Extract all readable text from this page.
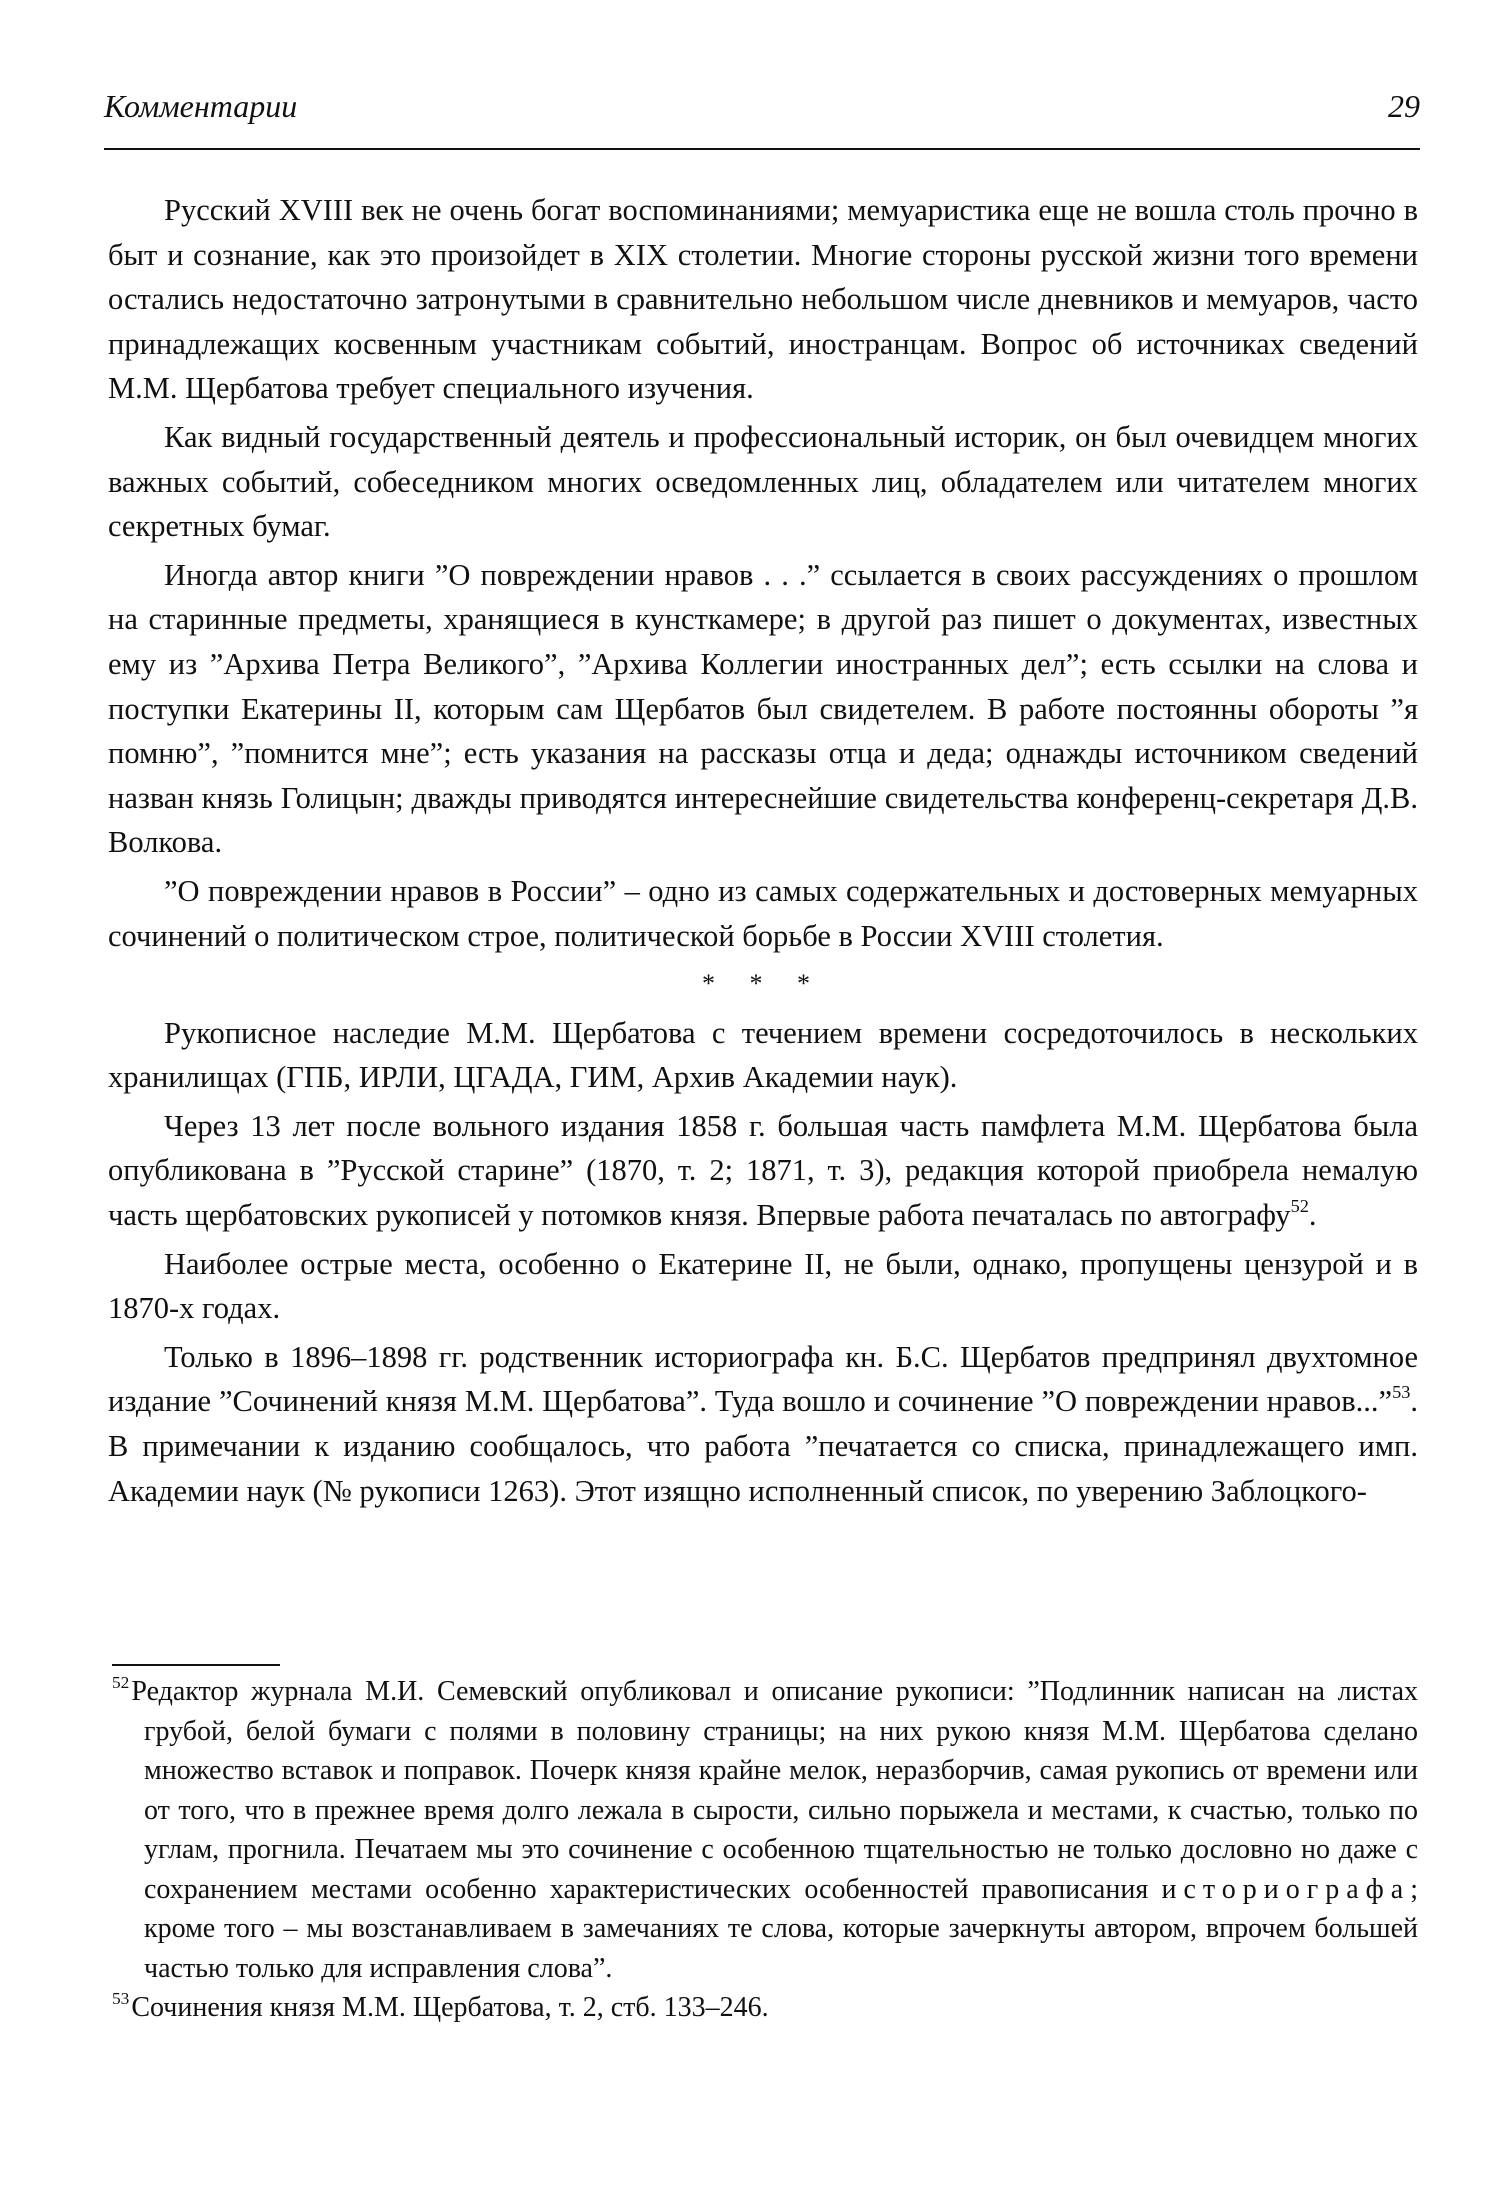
Комментарии	29

Русский XVIII век не очень богат воспоминаниями; мемуаристика еще не вошла столь прочно в быт и сознание, как это произойдет в XIX столетии. Многие стороны русской жизни того времени остались недостаточно затронутыми в сравнительно небольшом числе дневников и мемуаров, часто принадлежащих косвенным участникам событий, иностранцам. Вопрос об источниках сведений М.М. Щербатова требует специального изучения.

Как видный государственный деятель и профессиональный историк, он был очевидцем многих важных событий, собеседником многих осведомленных лиц, обладателем или читателем многих секретных бумаг.

Иногда автор книги ”О повреждении нравов . . .” ссылается в своих рассуждениях о прошлом на старинные предметы, хранящиеся в кунсткамере; в другой раз пишет о документах, известных ему из ”Архива Петра Великого”, ”Архива Коллегии иностранных дел”; есть ссылки на слова и поступки Екатерины II, которым сам Щербатов был свидетелем. В работе постоянны обороты ”я помню”, ”помнится мне”; есть указания на рассказы отца и деда; однажды источником сведений назван князь Голицын; дважды приводятся интереснейшие свидетельства конференц-секретаря Д.В. Волкова.

”О повреждении нравов в России” – одно из самых содержательных и достоверных мемуарных сочинений о политическом строе, политической борьбе в России XVIII столетия.

* * *

Рукописное наследие М.М. Щербатова с течением времени сосредоточилось в нескольких хранилищах (ГПБ, ИРЛИ, ЦГАДА, ГИМ, Архив Академии наук).

Через 13 лет после вольного издания 1858 г. большая часть памфлета М.М. Щербатова была опубликована в ”Русской старине” (1870, т. 2; 1871, т. 3), редакция которой приобрела немалую часть щербатовских рукописей у потомков князя. Впервые работа печаталась по автографу$^{52}$.

Наиболее острые места, особенно о Екатерине II, не были, однако, пропущены цензурой и в 1870-х годах.

Только в 1896–1898 гг. родственник историографа кн. Б.С. Щербатов предпринял двухтомное издание ”Сочинений князя М.М. Щербатова”. Туда вошло и сочинение ”О повреждении нравов...”$^{53}$. В примечании к изданию сообщалось, что работа ”печатается со списка, принадлежащего имп. Академии наук (№ рукописи 1263). Этот изящно исполненный список, по уверению Заблоцкого-

$^{52}$Редактор журнала М.И. Семевский опубликовал и описание рукописи: ”Подлинник написан на листах грубой, белой бумаги с полями в половину страницы; на них рукою князя М.М. Щербатова сделано множество вставок и поправок. Почерк князя крайне мелок, неразборчив, самая рукопись от времени или от того, что в прежнее время долго лежала в сырости, сильно порыжела и местами, к счастью, только по углам, прогнила. Печатаем мы это сочинение с особенною тщательностью не только дословно но даже с сохранением местами особенно характеристических особенностей правописания историографа; кроме того – мы возстанавливаем в замечаниях те слова, которые зачеркнуты автором, впрочем большей частью только для исправления слова”.
$^{53}$Сочинения князя М.М. Щербатова, т. 2, стб. 133–246.
